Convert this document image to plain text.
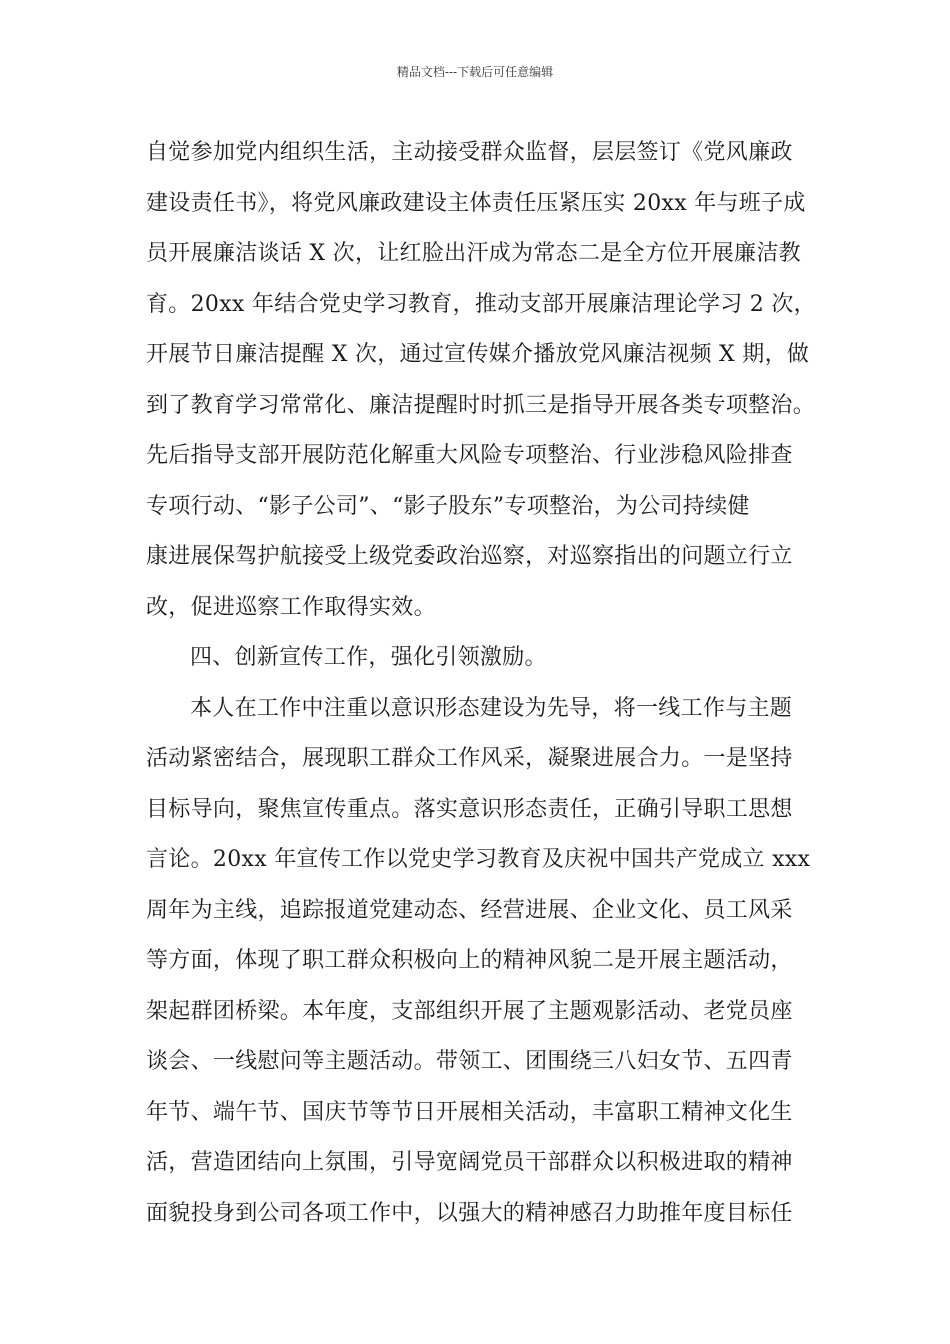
精品文档---下载后可任意编辑
自觉参加党内组织生活，主动接受群众监督，层层签订《党风廉政
建设责任书》，将党风廉政建设主体责任压紧压实 20xx 年与班子成
员开展廉洁谈话 X 次，让红脸出汗成为常态二是全方位开展廉洁教
育。20xx 年结合党史学习教育，推动支部开展廉洁理论学习 2 次，
开展节日廉洁提醒 X 次，通过宣传媒介播放党风廉洁视频 X 期，做
到了教育学习常常化、廉洁提醒时时抓三是指导开展各类专项整治。
先后指导支部开展防范化解重大风险专项整治、行业涉稳风险排查
专项行动、“影子公司”、“影子股东”专项整治，为公司持续健
康进展保驾护航接受上级党委政治巡察，对巡察指出的问题立行立
改，促进巡察工作取得实效。
四、创新宣传工作，强化引领激励。
本人在工作中注重以意识形态建设为先导，将一线工作与主题
活动紧密结合，展现职工群众工作风采，凝聚进展合力。一是坚持
目标导向，聚焦宣传重点。落实意识形态责任，正确引导职工思想
言论。20xx 年宣传工作以党史学习教育及庆祝中国共产党成立 xxx
周年为主线，追踪报道党建动态、经营进展、企业文化、员工风采
等方面，体现了职工群众积极向上的精神风貌二是开展主题活动，
架起群团桥梁。本年度，支部组织开展了主题观影活动、老党员座
谈会、一线慰问等主题活动。带领工、团围绕三八妇女节、五四青
年节、端午节、国庆节等节日开展相关活动，丰富职工精神文化生
活，营造团结向上氛围，引导宽阔党员干部群众以积极进取的精神
面貌投身到公司各项工作中，以强大的精神感召力助推年度目标任
